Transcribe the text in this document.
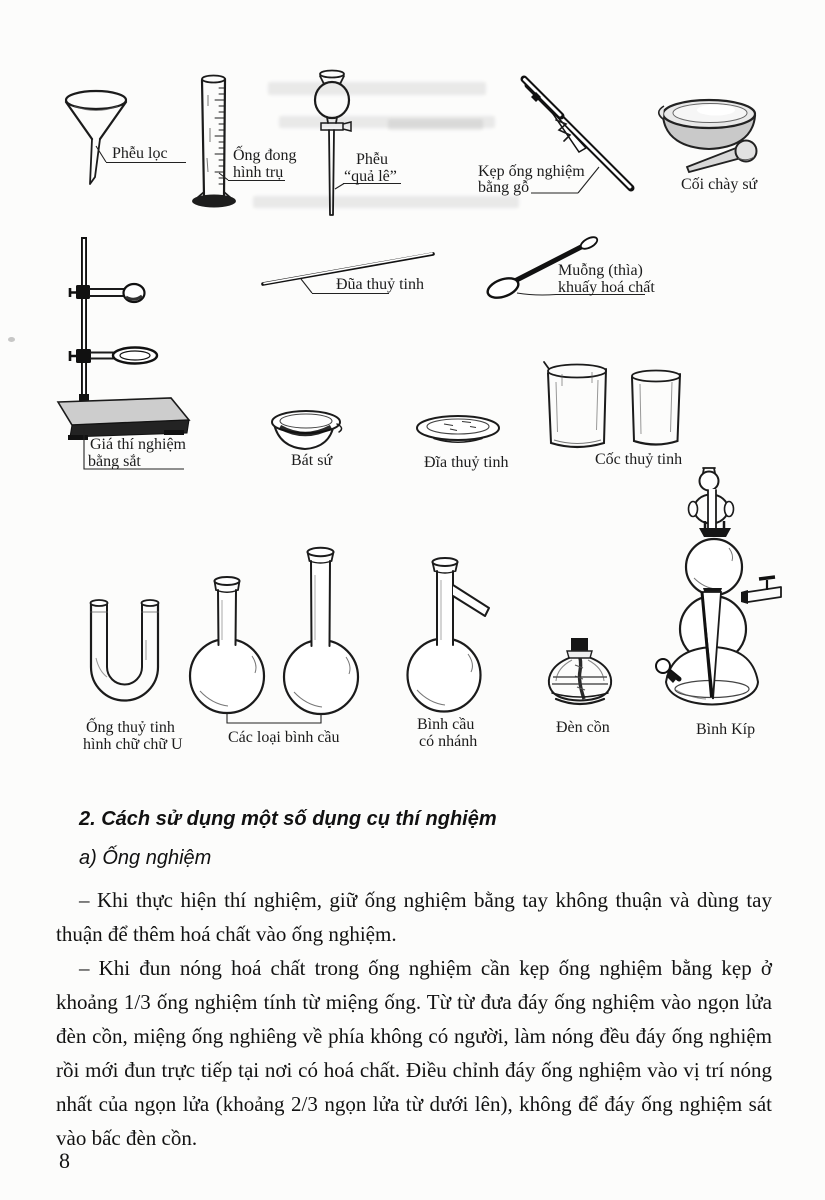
Phễu lọc	Ống đong
hình trụ
Phễu
“quả lê”	Kẹp ống nghiệm
bằng gỗ	Cối chày sứ
Đũa thuỷ tinh
Muỗng (thìa)
khuấy hoá chất
Giá thí nghiệm
bằng sắt	Bát sứ	Đĩa thuỷ tinh	Cốc thuỷ tinh
Ống thuỷ tinh
hình chữ chữ U	Các loại bình cầu
Bình cầu
có nhánh
Đèn cồn	Bình Kíp
2. Cách sử dụng một số dụng cụ thí nghiệm
a) Ống nghiệm

– Khi thực hiện thí nghiệm, giữ ống nghiệm bằng tay không thuận và dùng tay thuận để thêm hoá chất vào ống nghiệm.

– Khi đun nóng hoá chất trong ống nghiệm cần kẹp ống nghiệm bằng kẹp ở khoảng 1/3 ống nghiệm tính từ miệng ống. Từ từ đưa đáy ống nghiệm vào ngọn lửa đèn cồn, miệng ống nghiêng về phía không có người, làm nóng đều đáy ống nghiệm rồi mới đun trực tiếp tại nơi có hoá chất. Điều chỉnh đáy ống nghiệm vào vị trí nóng nhất của ngọn lửa (khoảng 2/3 ngọn lửa từ dưới lên), không để đáy ống nghiệm sát vào bấc đèn cồn.

8
